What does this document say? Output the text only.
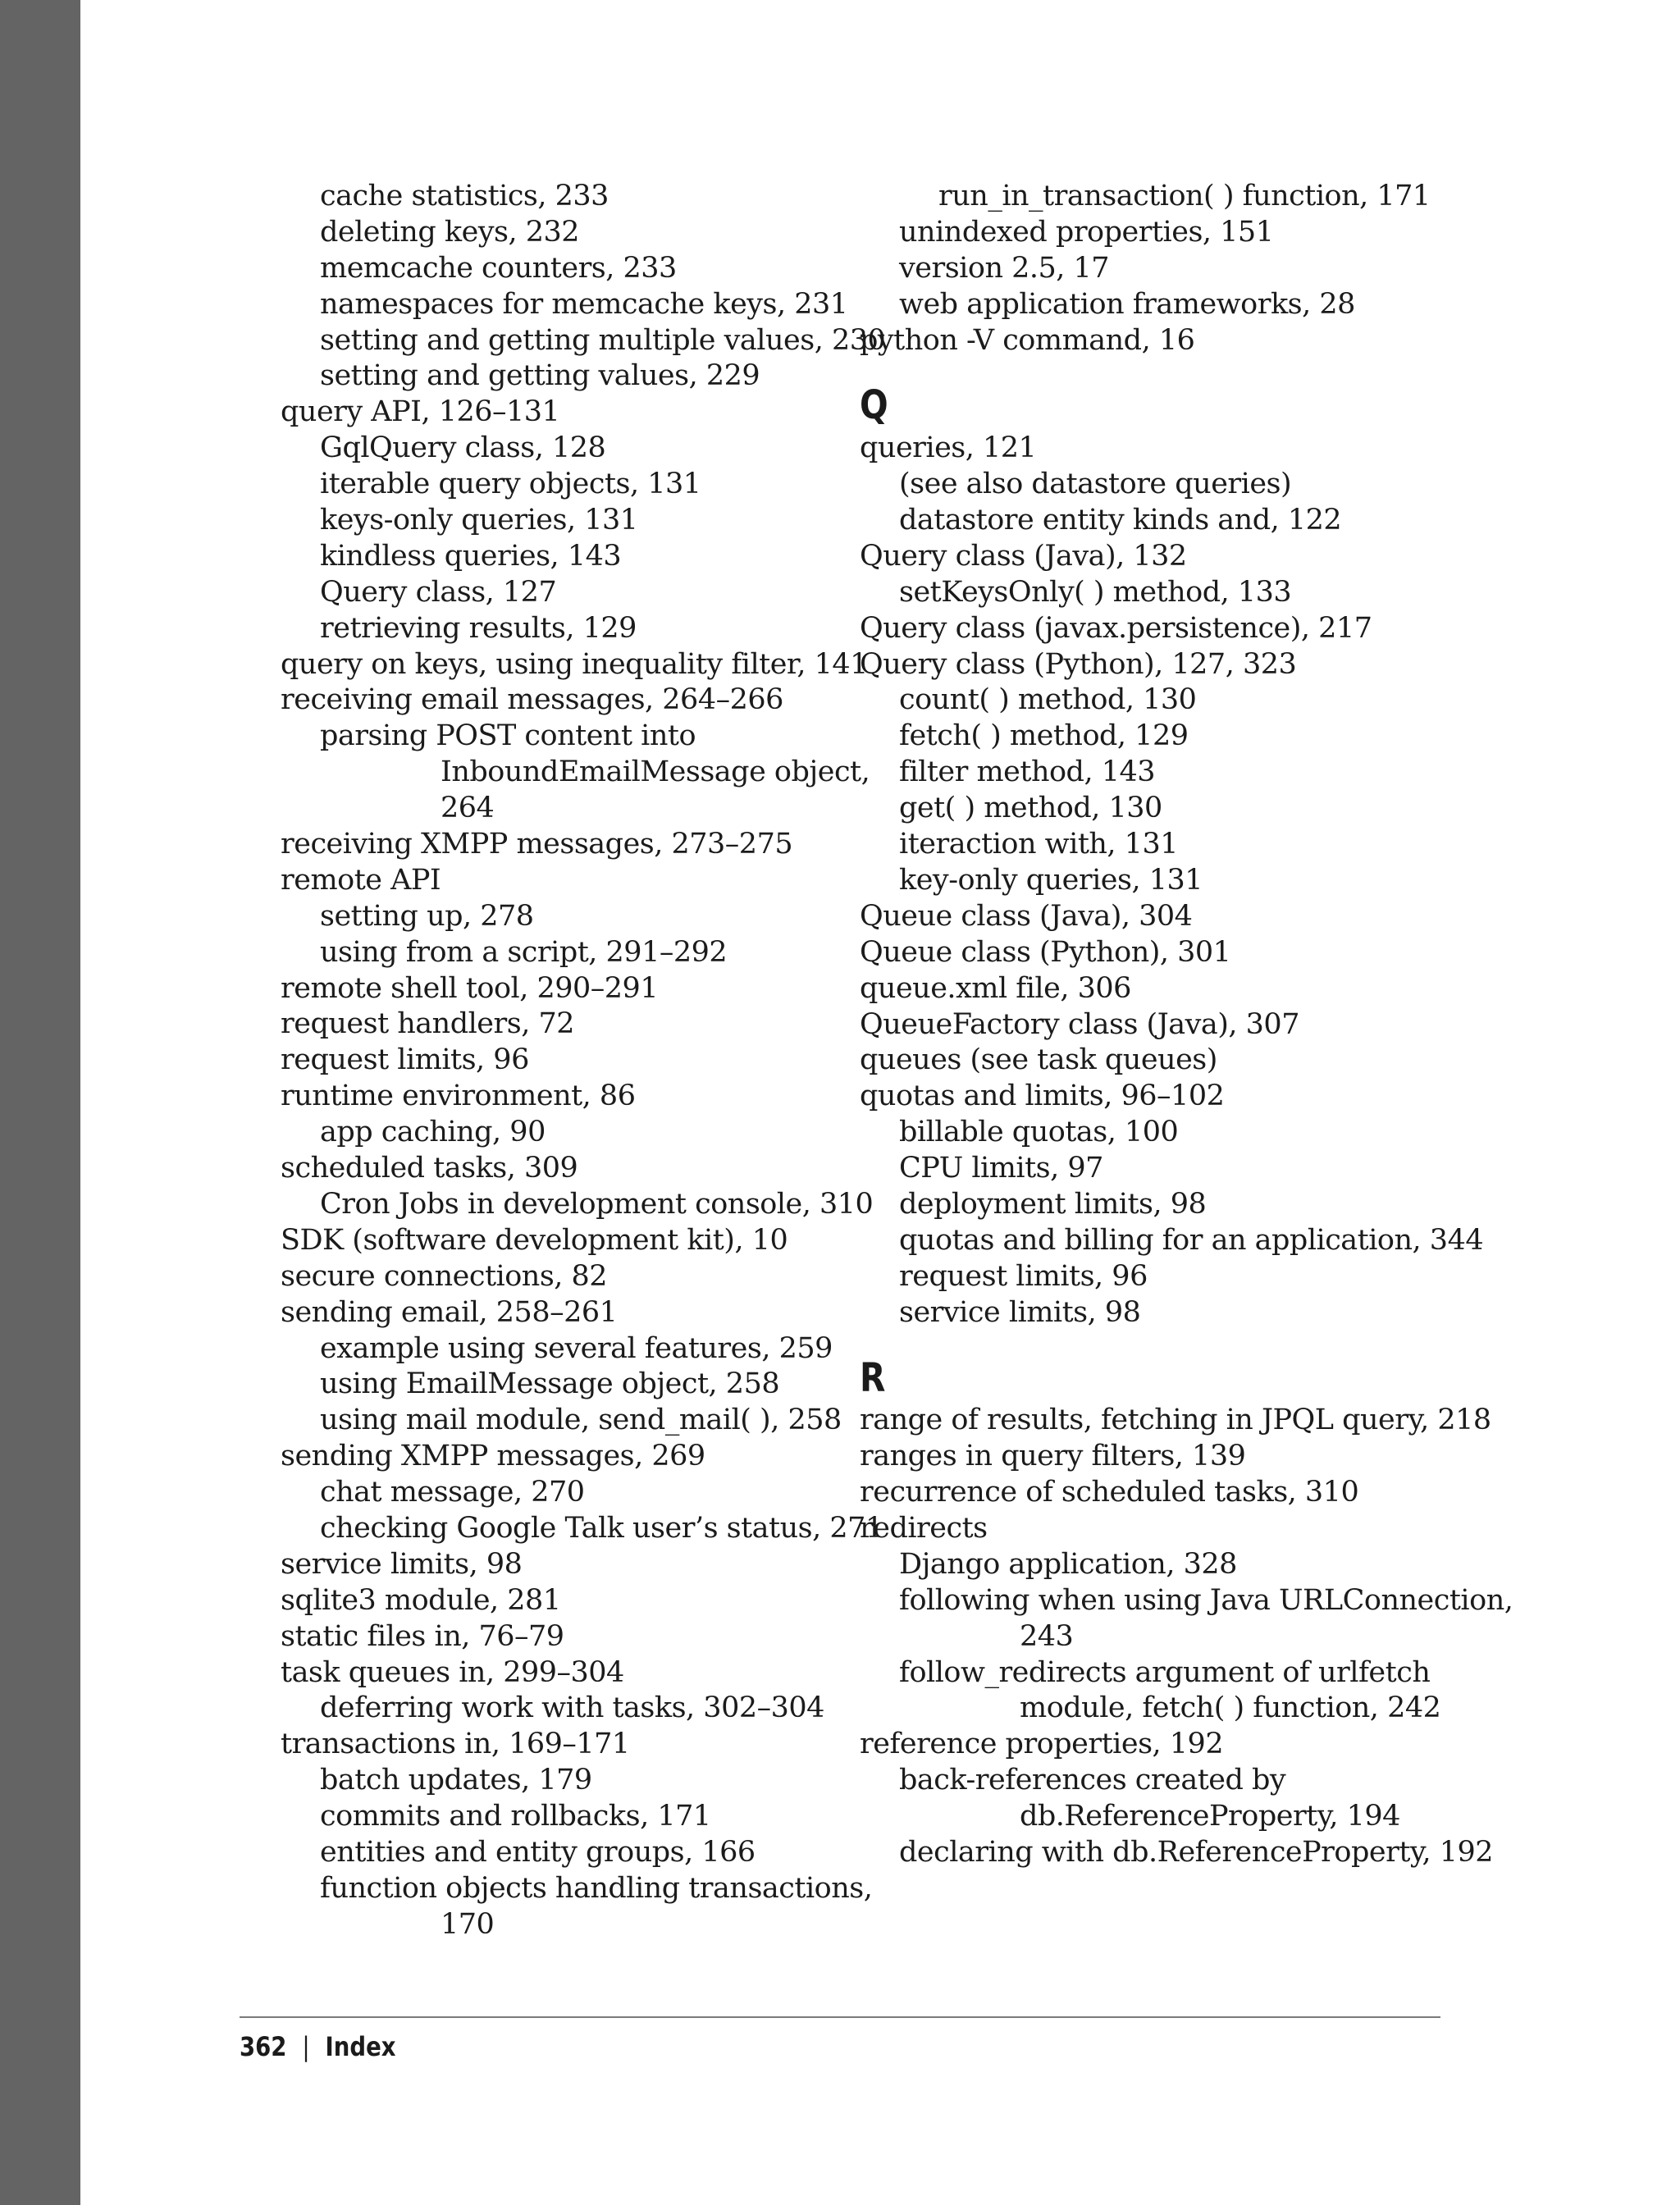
cache statistics, 233
deleting keys, 232
memcache counters, 233
namespaces for memcache keys, 231
setting and getting multiple values, 230
setting and getting values, 229
query API, 126–131
GqlQuery class, 128
iterable query objects, 131
keys-only queries, 131
kindless queries, 143
Query class, 127
retrieving results, 129
query on keys, using inequality filter, 141
receiving email messages, 264–266
parsing POST content into
InboundEmailMessage object,
264
receiving XMPP messages, 273–275
remote API
setting up, 278
using from a script, 291–292
remote shell tool, 290–291
request handlers, 72
request limits, 96
runtime environment, 86
app caching, 90
scheduled tasks, 309
Cron Jobs in development console, 310
SDK (software development kit), 10
secure connections, 82
sending email, 258–261
example using several features, 259
using EmailMessage object, 258
using mail module, send_mail( ), 258
sending XMPP messages, 269
chat message, 270
checking Google Talk user’s status, 271
service limits, 98
sqlite3 module, 281
static files in, 76–79
task queues in, 299–304
deferring work with tasks, 302–304
transactions in, 169–171
batch updates, 179
commits and rollbacks, 171
entities and entity groups, 166
function objects handling transactions,
170
run_in_transaction( ) function, 171
unindexed properties, 151
version 2.5, 17
web application frameworks, 28
python -V command, 16
Q
queries, 121
(see also datastore queries)
datastore entity kinds and, 122
Query class (Java), 132
setKeysOnly( ) method, 133
Query class (javax.persistence), 217
Query class (Python), 127, 323
count( ) method, 130
fetch( ) method, 129
filter method, 143
get( ) method, 130
iteraction with, 131
key-only queries, 131
Queue class (Java), 304
Queue class (Python), 301
queue.xml file, 306
QueueFactory class (Java), 307
queues (see task queues)
quotas and limits, 96–102
billable quotas, 100
CPU limits, 97
deployment limits, 98
quotas and billing for an application, 344
request limits, 96
service limits, 98
R
range of results, fetching in JPQL query, 218
ranges in query filters, 139
recurrence of scheduled tasks, 310
redirects
Django application, 328
following when using Java URLConnection,
243
follow_redirects argument of urlfetch
module, fetch( ) function, 242
reference properties, 192
back-references created by
db.ReferenceProperty, 194
declaring with db.ReferenceProperty, 192
362 | Index
